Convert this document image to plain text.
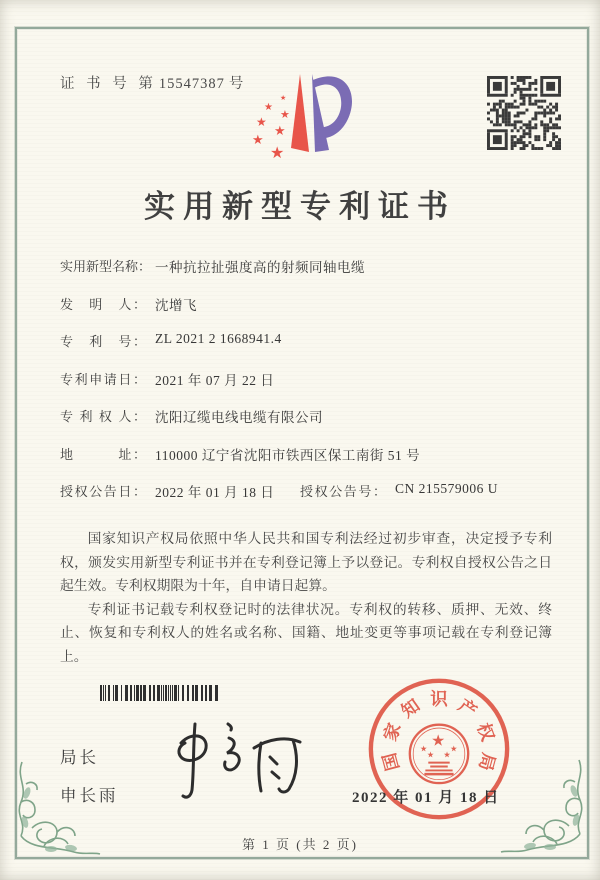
证 书 号 第 15547387 号
★
★
★
★
★
★
★
实用新型专利证书
实用新型名称： 一种抗拉扯强度高的射频同轴电缆
发　明　人： 沈增飞
专　利　号： ZL 2021 2 1668941.4
专利申请日： 2021 年 07 月 22 日
专 利 权 人： 沈阳辽缆电线电缆有限公司
地　　　址： 110000 辽宁省沈阳市铁西区保工南街 51 号
授权公告日： 2022 年 01 月 18 日 授权公告号： CN 215579006 U

国家知识产权局依照中华人民共和国专利法经过初步审查，决定授予专利权，颁发实用新型专利证书并在专利登记簿上予以登记。专利权自授权公告之日起生效。专利权期限为十年，自申请日起算。

专利证书记载专利权登记时的法律状况。专利权的转移、质押、无效、终止、恢复和专利权人的姓名或名称、国籍、地址变更等事项记载在专利登记簿上。

局长
申长雨
国
家
知 识 产
权
局
★
★
★ ★
★
2022 年 01 月 18 日
第 1 页 (共 2 页)
